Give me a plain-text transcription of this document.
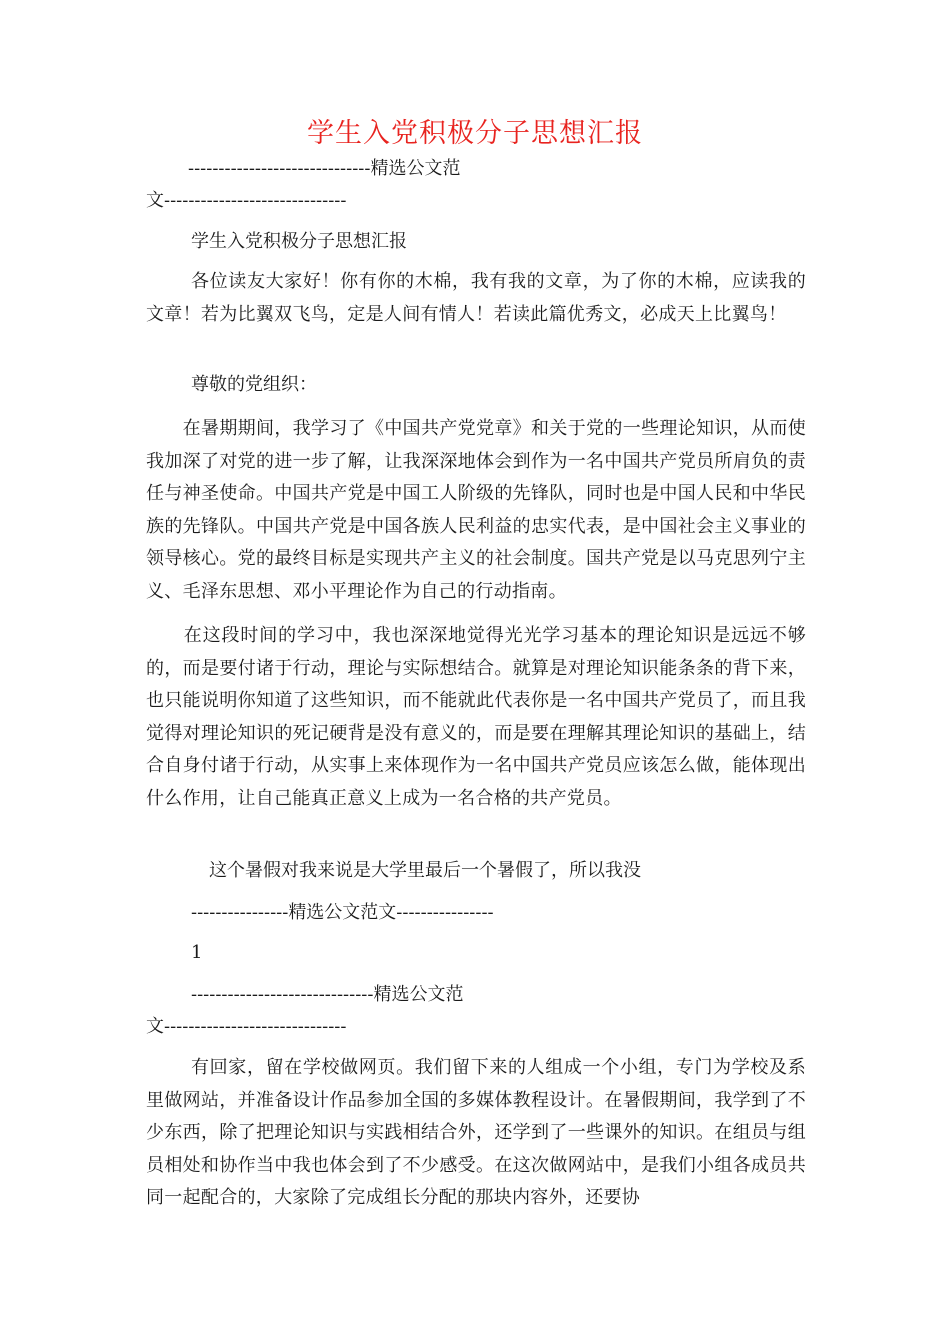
学生入党积极分子思想汇报

------------------------------精选公文范

文------------------------------

学生入党积极分子思想汇报

各位读友大家好！你有你的木棉，我有我的文章，为了你的木棉，应读我的文章！若为比翼双飞鸟，定是人间有情人！若读此篇优秀文，必成天上比翼鸟！

尊敬的党组织：

　　在暑期期间，我学习了《中国共产党党章》和关于党的一些理论知识，从而使我加深了对党的进一步了解，让我深深地体会到作为一名中国共产党员所肩负的责任与神圣使命。中国共产党是中国工人阶级的先锋队，同时也是中国人民和中华民族的先锋队。中国共产党是中国各族人民利益的忠实代表，是中国社会主义事业的领导核心。党的最终目标是实现共产主义的社会制度。国共产党是以马克思列宁主义、毛泽东思想、邓小平理论作为自己的行动指南。

　　在这段时间的学习中，我也深深地觉得光光学习基本的理论知识是远远不够的，而是要付诸于行动，理论与实际想结合。就算是对理论知识能条条的背下来，也只能说明你知道了这些知识，而不能就此代表你是一名中国共产党员了，而且我觉得对理论知识的死记硬背是没有意义的，而是要在理解其理论知识的基础上，结合自身付诸于行动，从实事上来体现作为一名中国共产党员应该怎么做，能体现出什么作用，让自己能真正意义上成为一名合格的共产党员。

　这个暑假对我来说是大学里最后一个暑假了，所以我没

----------------精选公文范文----------------

1

------------------------------精选公文范

文------------------------------

有回家，留在学校做网页。我们留下来的人组成一个小组，专门为学校及系里做网站，并准备设计作品参加全国的多媒体教程设计。在暑假期间，我学到了不少东西，除了把理论知识与实践相结合外，还学到了一些课外的知识。在组员与组员相处和协作当中我也体会到了不少感受。在这次做网站中，是我们小组各成员共同一起配合的，大家除了完成组长分配的那块内容外，还要协
